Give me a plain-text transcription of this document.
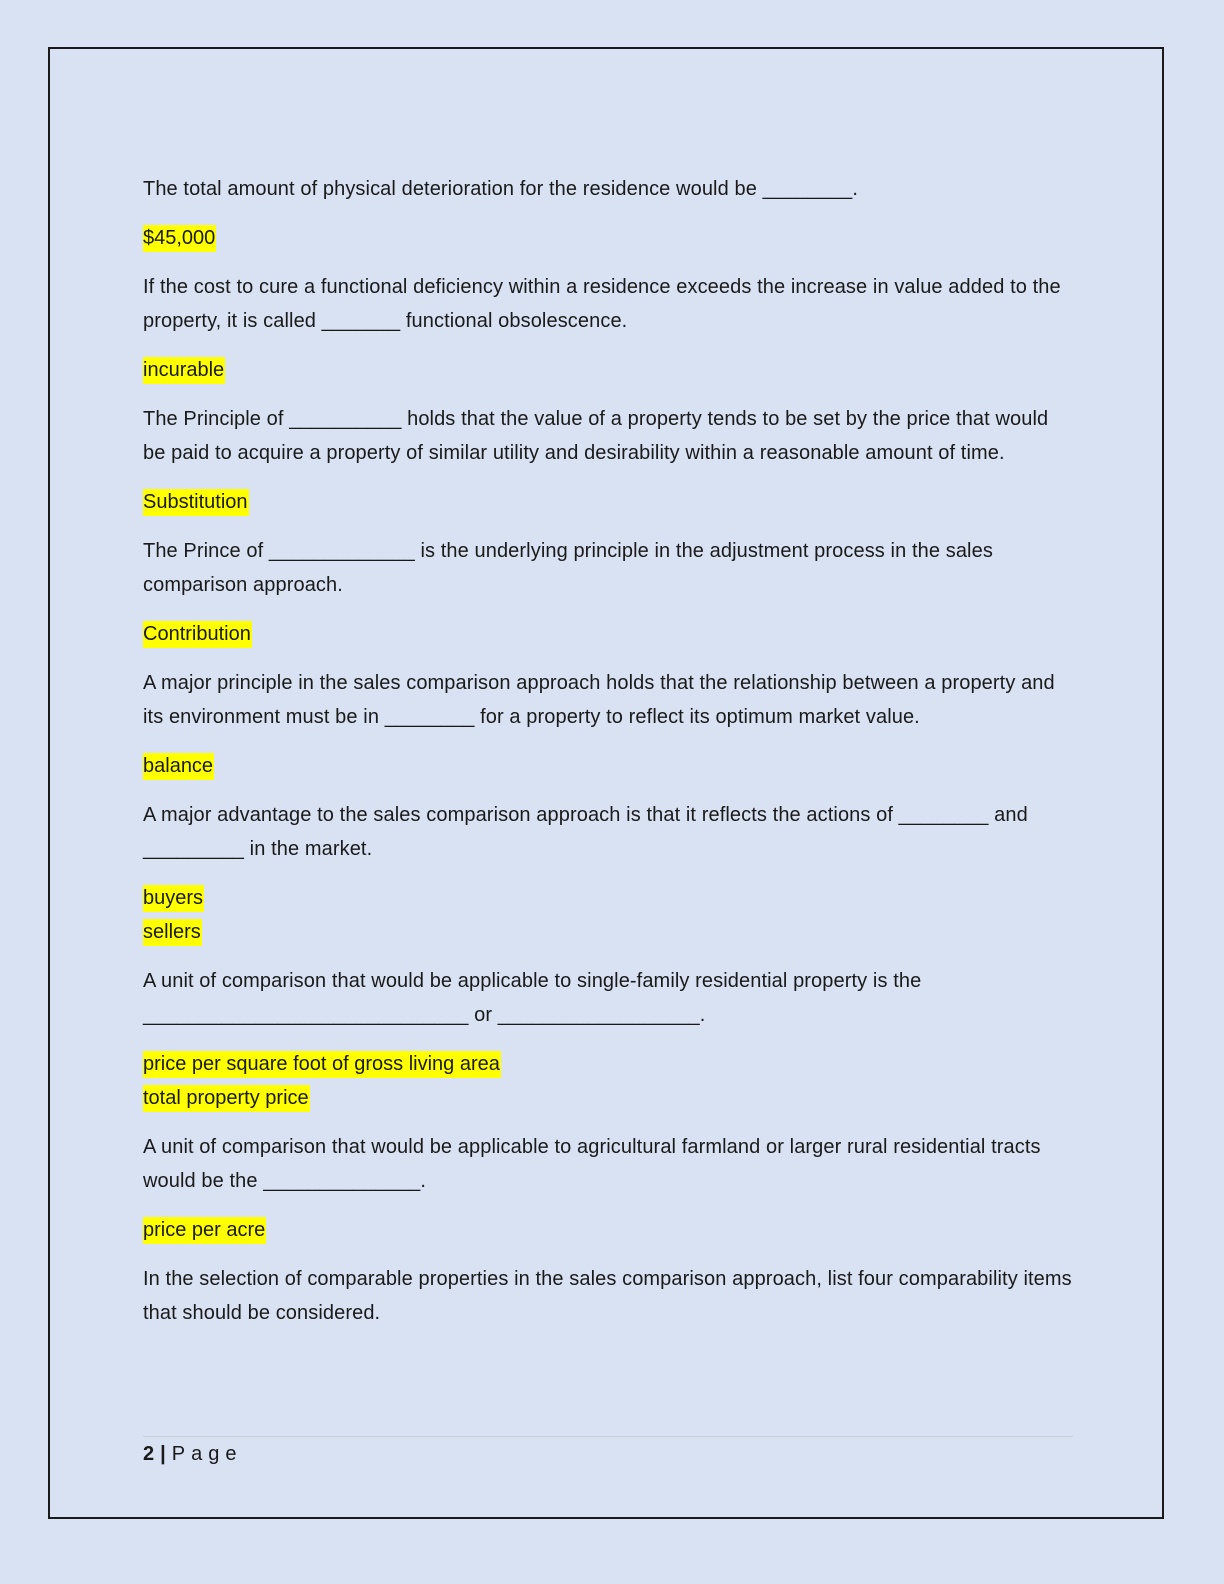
The total amount of physical deterioration for the residence would be ________.

$45,000

If the cost to cure a functional deficiency within a residence exceeds the increase in value added to the property, it is called _______ functional obsolescence.

incurable

The Principle of __________ holds that the value of a property tends to be set by the price that would be paid to acquire a property of similar utility and desirability within a reasonable amount of time.

Substitution

The Prince of _____________ is the underlying principle in the adjustment process in the sales comparison approach.

Contribution

A major principle in the sales comparison approach holds that the relationship between a property and its environment must be in ________ for a property to reflect its optimum market value.

balance

A major advantage to the sales comparison approach is that it reflects the actions of ________ and _________ in the market.

buyers
sellers

A unit of comparison that would be applicable to single-family residential property is the _____________________________ or __________________.

price per square foot of gross living area
total property price

A unit of comparison that would be applicable to agricultural farmland or larger rural residential tracts would be the ______________.

price per acre

In the selection of comparable properties in the sales comparison approach, list four comparability items that should be considered.

2 | Page
